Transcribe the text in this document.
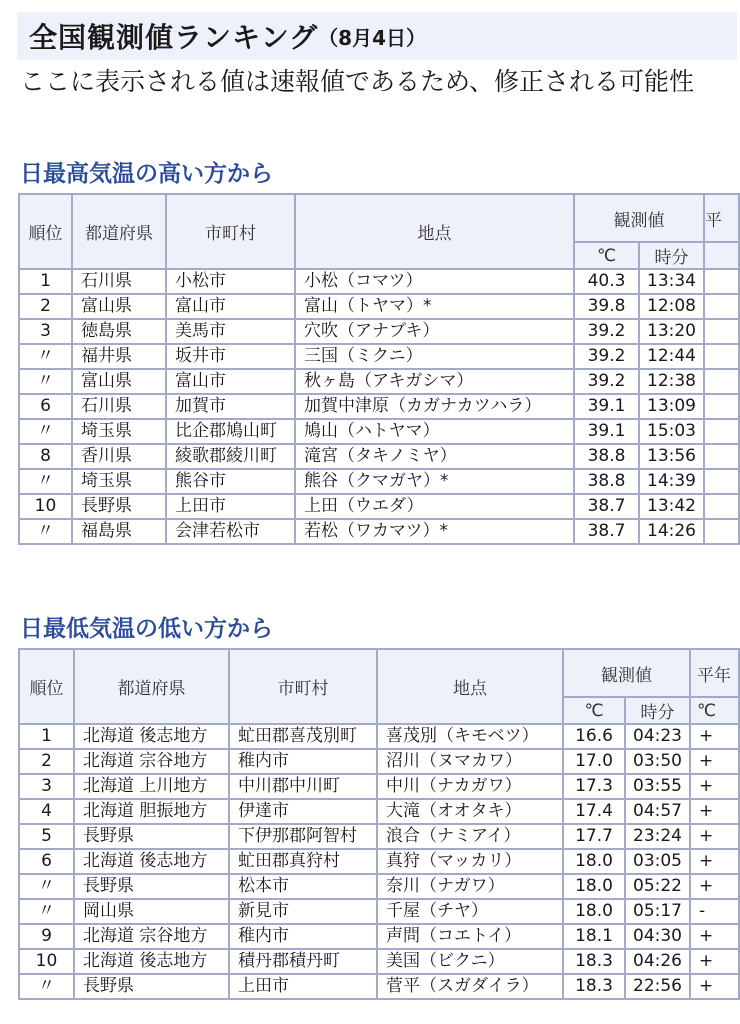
全国観測値ランキング （8月4日）
ここに表示される値は速報値であるため、修正される可能性
日最高気温の高い方から
順位	都道府県	市町村	地点	観測値		平
				℃	時分	
1	石川県	小松市	小松（コマツ）	40.3	13:34	
2	富山県	富山市	富山（トヤマ）*	39.8	12:08	
3	徳島県	美馬市	穴吹（アナブキ）	39.2	13:20	
〃	福井県	坂井市	三国（ミクニ）	39.2	12:44	
〃	富山県	富山市	秋ヶ島（アキガシマ）	39.2	12:38	
6	石川県	加賀市	加賀中津原（カガナカツハラ）	39.1	13:09	
〃	埼玉県	比企郡鳩山町	鳩山（ハトヤマ）	39.1	15:03	
8	香川県	綾歌郡綾川町	滝宮（タキノミヤ）	38.8	13:56	
〃	埼玉県	熊谷市	熊谷（クマガヤ）*	38.8	14:39	
10	長野県	上田市	上田（ウエダ）	38.7	13:42	
〃	福島県	会津若松市	若松（ワカマツ）*	38.7	14:26	
日最低気温の低い方から
順位	都道府県	市町村	地点	観測値		平年
				℃	時分	℃
1	北海道 後志地方	虻田郡喜茂別町	喜茂別（キモベツ）	16.6	04:23	+
2	北海道 宗谷地方	稚内市	沼川（ヌマカワ）	17.0	03:50	+
3	北海道 上川地方	中川郡中川町	中川（ナカガワ）	17.3	03:55	+
4	北海道 胆振地方	伊達市	大滝（オオタキ）	17.4	04:57	+
5	長野県	下伊那郡阿智村	浪合（ナミアイ）	17.7	23:24	+
6	北海道 後志地方	虻田郡真狩村	真狩（マッカリ）	18.0	03:05	+
〃	長野県	松本市	奈川（ナガワ）	18.0	05:22	+
〃	岡山県	新見市	千屋（チヤ）	18.0	05:17	-
9	北海道 宗谷地方	稚内市	声問（コエトイ）	18.1	04:30	+
10	北海道 後志地方	積丹郡積丹町	美国（ビクニ）	18.3	04:26	+
〃	長野県	上田市	菅平（スガダイラ）	18.3	22:56	+
